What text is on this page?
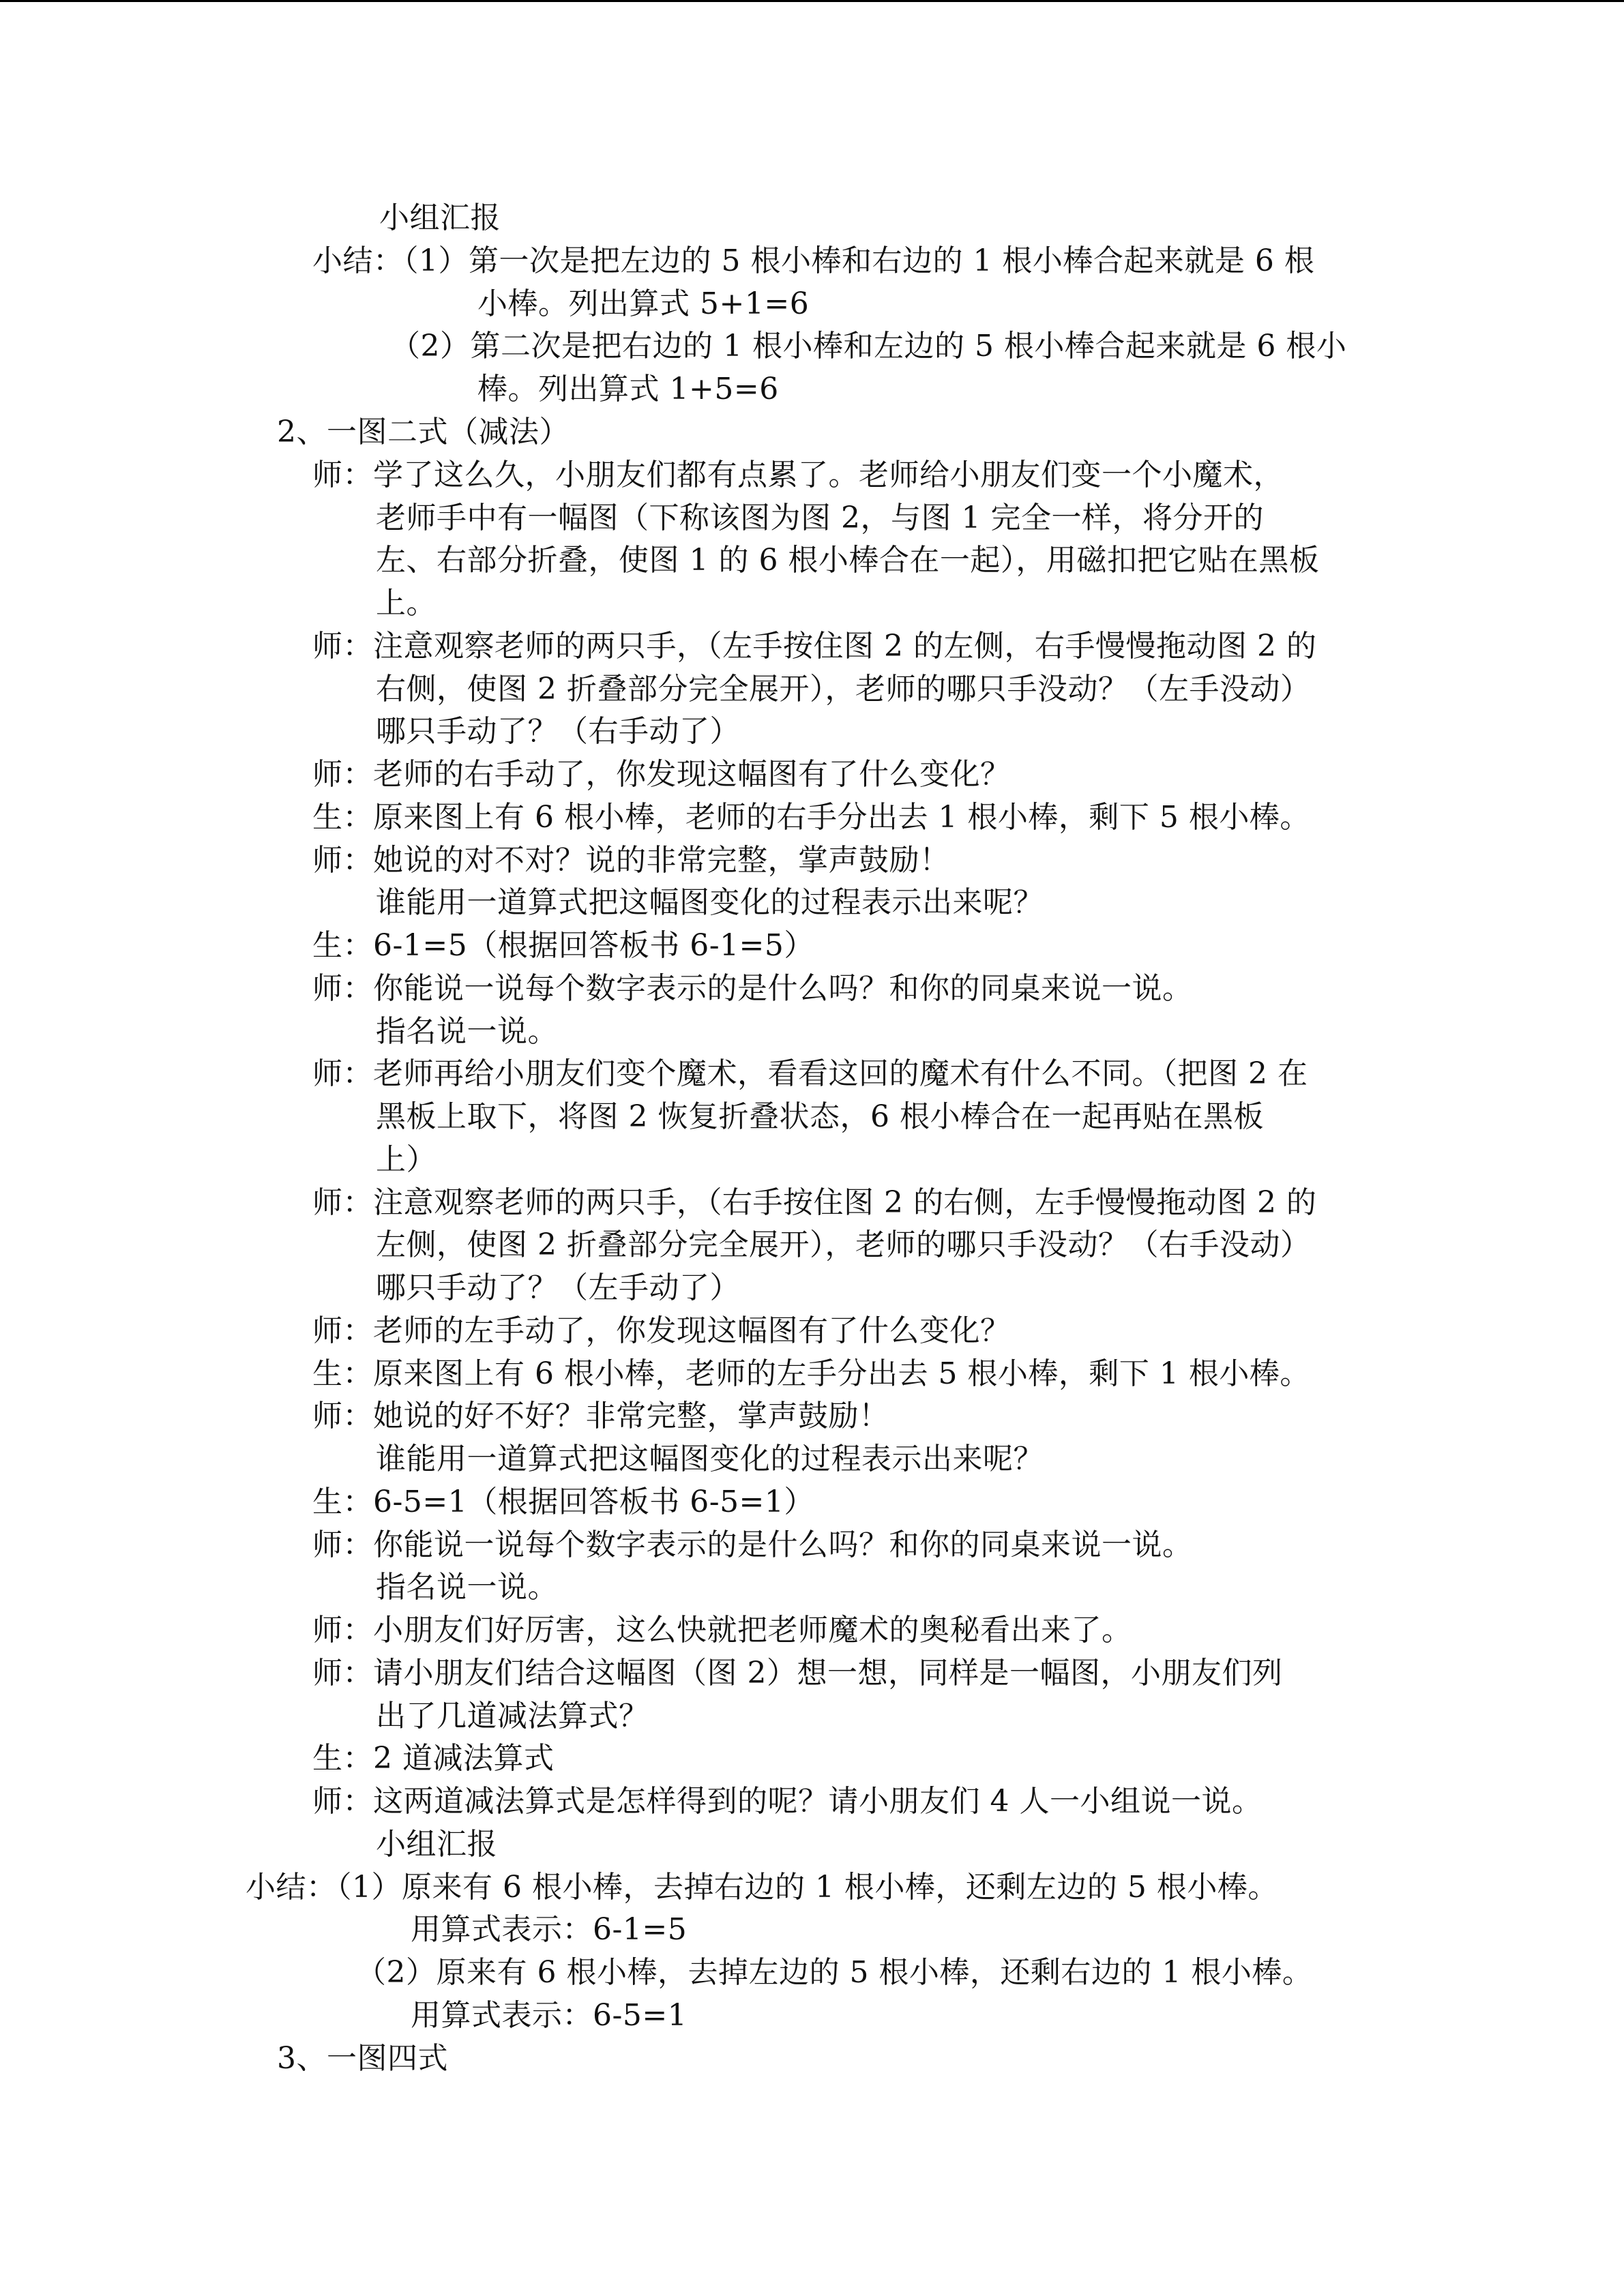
小组汇报
小结：（1）第一次是把左边的 5 根小棒和右边的 1 根小棒合起来就是 6 根
小棒。列出算式 5+1=6
（2）第二次是把右边的 1 根小棒和左边的 5 根小棒合起来就是 6 根小
棒。列出算式 1+5=6
2、一图二式（减法）
师：学了这么久，小朋友们都有点累了。老师给小朋友们变一个小魔术，
老师手中有一幅图（下称该图为图 2，与图 1 完全一样，将分开的
左、右部分折叠，使图 1 的 6 根小棒合在一起），用磁扣把它贴在黑板
上。
师：注意观察老师的两只手，（左手按住图 2 的左侧，右手慢慢拖动图 2 的
右侧，使图 2 折叠部分完全展开），老师的哪只手没动？（左手没动）
哪只手动了？（右手动了）
师：老师的右手动了，你发现这幅图有了什么变化？
生：原来图上有 6 根小棒，老师的右手分出去 1 根小棒，剩下 5 根小棒。
师：她说的对不对？说的非常完整，掌声鼓励！
谁能用一道算式把这幅图变化的过程表示出来呢？
生：6-1=5（根据回答板书 6-1=5）
师：你能说一说每个数字表示的是什么吗？和你的同桌来说一说。
指名说一说。
师：老师再给小朋友们变个魔术，看看这回的魔术有什么不同。（把图 2 在
黑板上取下，将图 2 恢复折叠状态，6 根小棒合在一起再贴在黑板
上）
师：注意观察老师的两只手，（右手按住图 2 的右侧，左手慢慢拖动图 2 的
左侧，使图 2 折叠部分完全展开），老师的哪只手没动？（右手没动）
哪只手动了？（左手动了）
师：老师的左手动了，你发现这幅图有了什么变化？
生：原来图上有 6 根小棒，老师的左手分出去 5 根小棒，剩下 1 根小棒。
师：她说的好不好？非常完整，掌声鼓励！
谁能用一道算式把这幅图变化的过程表示出来呢？
生：6-5=1（根据回答板书 6-5=1）
师：你能说一说每个数字表示的是什么吗？和你的同桌来说一说。
指名说一说。
师：小朋友们好厉害，这么快就把老师魔术的奥秘看出来了。
师：请小朋友们结合这幅图（图 2）想一想，同样是一幅图，小朋友们列
出了几道减法算式？
生：2 道减法算式
师：这两道减法算式是怎样得到的呢？请小朋友们 4 人一小组说一说。
小组汇报
小结：（1）原来有 6 根小棒，去掉右边的 1 根小棒，还剩左边的 5 根小棒。
用算式表示：6-1=5
（2）原来有 6 根小棒，去掉左边的 5 根小棒，还剩右边的 1 根小棒。
用算式表示：6-5=1
3、一图四式
